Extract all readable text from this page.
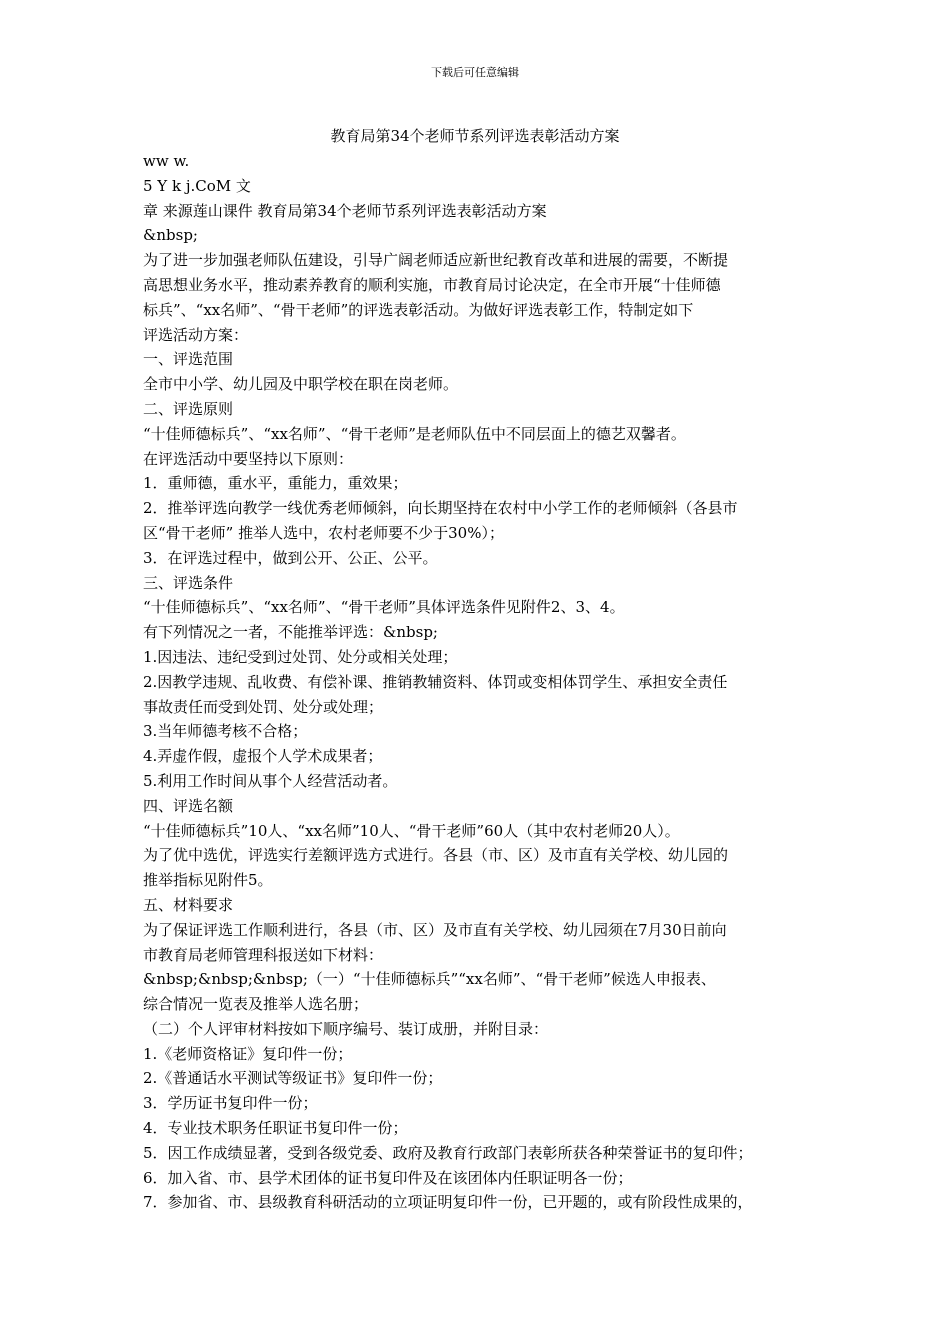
下载后可任意编辑
教育局第34个老师节系列评选表彰活动方案
ww w.
5 Y k j.CoM 文
章 来源莲山课件 教育局第34个老师节系列评选表彰活动方案
&nbsp;
为了进一步加强老师队伍建设，引导广阔老师适应新世纪教育改革和进展的需要，不断提
高思想业务水平，推动素养教育的顺利实施，市教育局讨论决定，在全市开展“十佳师德
标兵”、“xx名师”、“骨干老师”的评选表彰活动。为做好评选表彰工作，特制定如下
评选活动方案：
一、评选范围
全市中小学、幼儿园及中职学校在职在岗老师。
二、评选原则
“十佳师德标兵”、“xx名师”、“骨干老师”是老师队伍中不同层面上的德艺双馨者。
在评选活动中要坚持以下原则：
1．重师德，重水平，重能力，重效果；
2．推举评选向教学一线优秀老师倾斜，向长期坚持在农村中小学工作的老师倾斜（各县市
区“骨干老师” 推举人选中，农村老师要不少于30%）；
3．在评选过程中，做到公开、公正、公平。
三、评选条件
“十佳师德标兵”、“xx名师”、“骨干老师”具体评选条件见附件2、3、4。
有下列情况之一者，不能推举评选：&nbsp;
1.因违法、违纪受到过处罚、处分或相关处理；
2.因教学违规、乱收费、有偿补课、推销教辅资料、体罚或变相体罚学生、承担安全责任
事故责任而受到处罚、处分或处理；
3.当年师德考核不合格；
4.弄虚作假，虚报个人学术成果者；
5.利用工作时间从事个人经营活动者。
四、评选名额
“十佳师德标兵”10人、“xx名师”10人、“骨干老师”60人（其中农村老师20人）。
为了优中选优，评选实行差额评选方式进行。各县（市、区）及市直有关学校、幼儿园的
推举指标见附件5。
五、材料要求
为了保证评选工作顺利进行，各县（市、区）及市直有关学校、幼儿园须在7月30日前向
市教育局老师管理科报送如下材料：
&nbsp;&nbsp;&nbsp;（一）“十佳师德标兵”“xx名师”、“骨干老师”候选人申报表、
综合情况一览表及推举人选名册；
（二）个人评审材料按如下顺序编号、装订成册，并附目录：
1.《老师资格证》复印件一份；
2.《普通话水平测试等级证书》复印件一份；
3．学历证书复印件一份；
4．专业技术职务任职证书复印件一份；
5．因工作成绩显著，受到各级党委、政府及教育行政部门表彰所获各种荣誉证书的复印件；
6．加入省、市、县学术团体的证书复印件及在该团体内任职证明各一份；
7．参加省、市、县级教育科研活动的立项证明复印件一份，已开题的，或有阶段性成果的，
